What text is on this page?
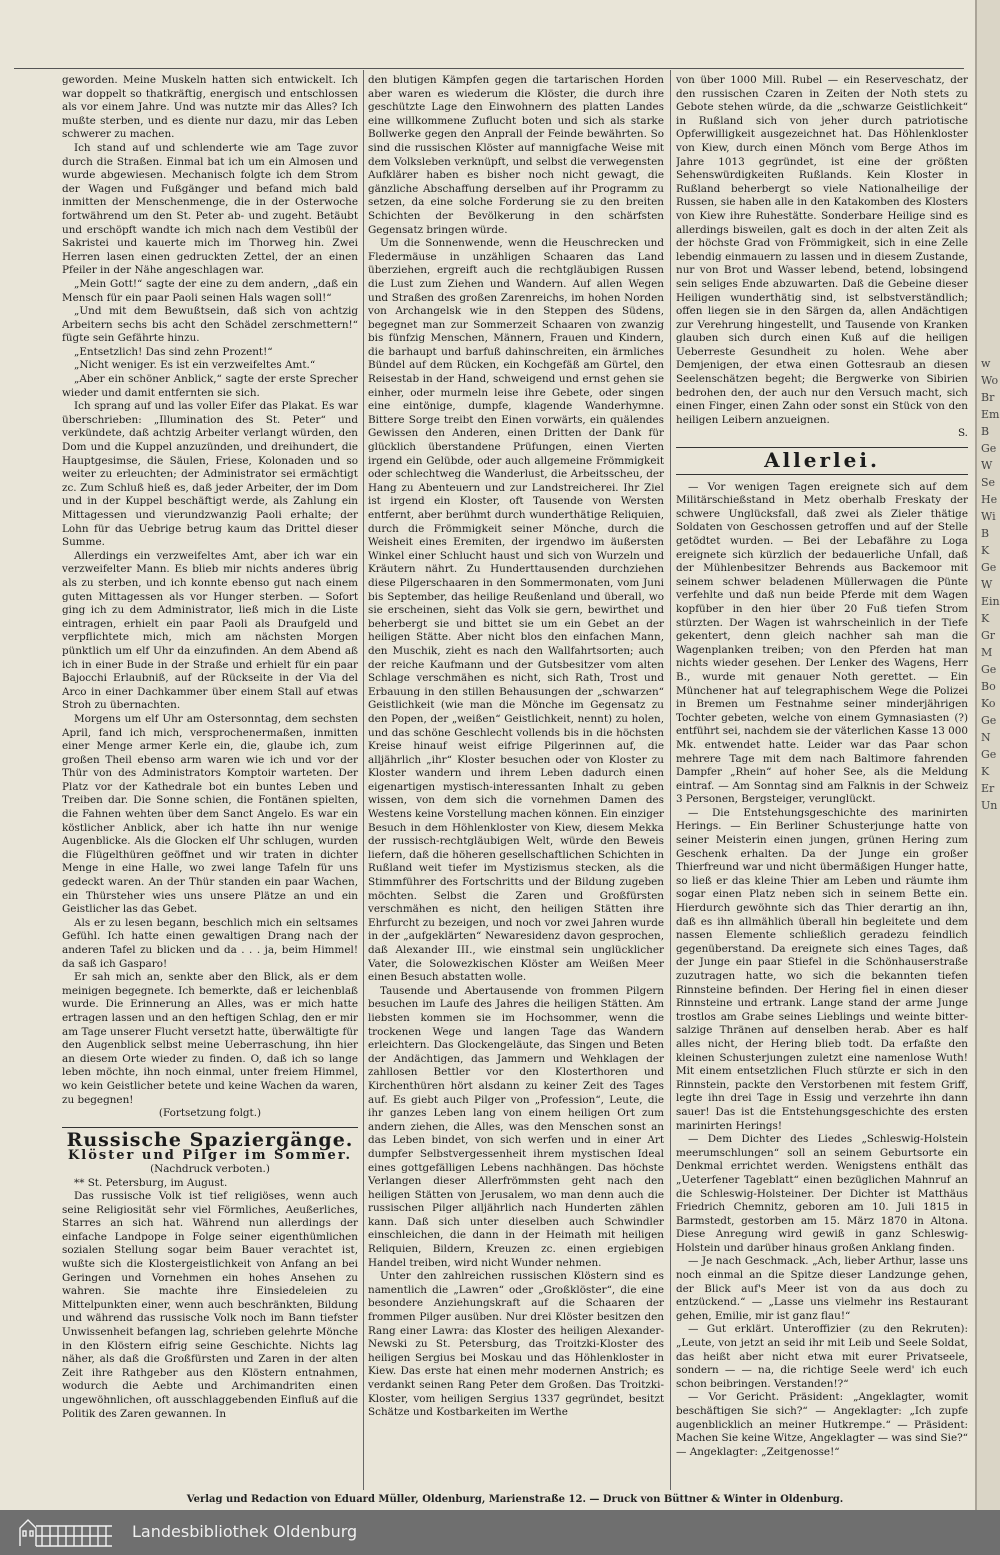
geworden. Meine Muskeln hatten sich entwickelt. Ich war doppelt so thatkräftig, energisch und entschlossen als vor einem Jahre. Und was nutzte mir das Alles? Ich mußte sterben, und es diente nur dazu, mir das Leben schwerer zu machen.

Ich stand auf und schlenderte wie am Tage zuvor durch die Straßen. Einmal bat ich um ein Almosen und wurde abgewiesen. Mechanisch folgte ich dem Strom der Wagen und Fußgänger und befand mich bald inmitten der Menschenmenge, die in der Osterwoche fortwährend um den St. Peter ab- und zugeht. Betäubt und erschöpft wandte ich mich nach dem Vestibül der Sakristei und kauerte mich im Thorweg hin. Zwei Herren lasen einen gedruckten Zettel, der an einen Pfeiler in der Nähe angeschlagen war.

„Mein Gott!“ sagte der eine zu dem andern, „daß ein Mensch für ein paar Paoli seinen Hals wagen soll!“

„Und mit dem Bewußtsein, daß sich von achtzig Arbeitern sechs bis acht den Schädel zerschmettern!“ fügte sein Gefährte hinzu.

„Entsetzlich! Das sind zehn Prozent!“

„Nicht weniger. Es ist ein verzweifeltes Amt.“

„Aber ein schöner Anblick,“ sagte der erste Sprecher wieder und damit entfernten sie sich.

Ich sprang auf und las voller Eifer das Plakat. Es war überschrieben: „Illumination des St. Peter“ und verkündete, daß achtzig Arbeiter verlangt würden, den Dom und die Kuppel anzuzünden, und dreihundert, die Hauptgesimse, die Säulen, Friese, Kolonaden und so weiter zu erleuchten; der Administrator sei ermächtigt zc. Zum Schluß hieß es, daß jeder Arbeiter, der im Dom und in der Kuppel beschäftigt werde, als Zahlung ein Mittagessen und vierundzwanzig Paoli erhalte; der Lohn für das Uebrige betrug kaum das Drittel dieser Summe.

Allerdings ein verzweifeltes Amt, aber ich war ein verzweifelter Mann. Es blieb mir nichts anderes übrig als zu sterben, und ich konnte ebenso gut nach einem guten Mittagessen als vor Hunger sterben. — Sofort ging ich zu dem Administrator, ließ mich in die Liste eintragen, erhielt ein paar Paoli als Draufgeld und verpflichtete mich, mich am nächsten Morgen pünktlich um elf Uhr da einzufinden. An dem Abend aß ich in einer Bude in der Straße und erhielt für ein paar Bajocchi Erlaubniß, auf der Rückseite in der Via del Arco in einer Dachkammer über einem Stall auf etwas Stroh zu übernachten.

Morgens um elf Uhr am Ostersonntag, dem sechsten April, fand ich mich, versprochenermaßen, inmitten einer Menge armer Kerle ein, die, glaube ich, zum großen Theil ebenso arm waren wie ich und vor der Thür von des Administrators Komptoir warteten. Der Platz vor der Kathedrale bot ein buntes Leben und Treiben dar. Die Sonne schien, die Fontänen spielten, die Fahnen wehten über dem Sanct Angelo. Es war ein köstlicher Anblick, aber ich hatte ihn nur wenige Augenblicke. Als die Glocken elf Uhr schlugen, wurden die Flügelthüren geöffnet und wir traten in dichter Menge in eine Halle, wo zwei lange Tafeln für uns gedeckt waren. An der Thür standen ein paar Wachen, ein Thürsteher wies uns unsere Plätze an und ein Geistlicher las das Gebet.

Als er zu lesen begann, beschlich mich ein seltsames Gefühl. Ich hatte einen gewaltigen Drang nach der anderen Tafel zu blicken und da . . . ja, beim Himmel! da saß ich Gasparo!

Er sah mich an, senkte aber den Blick, als er dem meinigen begegnete. Ich bemerkte, daß er leichenblaß wurde. Die Erinnerung an Alles, was er mich hatte ertragen lassen und an den heftigen Schlag, den er mir am Tage unserer Flucht versetzt hatte, überwältigte für den Augenblick selbst meine Ueberraschung, ihn hier an diesem Orte wieder zu finden. O, daß ich so lange leben möchte, ihn noch einmal, unter freiem Himmel, wo kein Geistlicher betete und keine Wachen da waren, zu begegnen!

(Fortsetzung folgt.)

Russische Spaziergänge.
Klöster und Pilger im Sommer.

(Nachdruck verboten.)

** St. Petersburg, im August.

Das russische Volk ist tief religiöses, wenn auch seine Religiosität sehr viel Förmliches, Aeußerliches, Starres an sich hat. Während nun allerdings der einfache Landpope in Folge seiner eigenthümlichen sozialen Stellung sogar beim Bauer verachtet ist, wußte sich die Klostergeistlichkeit von Anfang an bei Geringen und Vornehmen ein hohes Ansehen zu wahren. Sie machte ihre Einsiedeleien zu Mittelpunkten einer, wenn auch beschränkten, Bildung und während das russische Volk noch im Bann tiefster Unwissenheit befangen lag, schrieben gelehrte Mönche in den Klöstern eifrig seine Geschichte. Nichts lag näher, als daß die Großfürsten und Zaren in der alten Zeit ihre Rathgeber aus den Klöstern entnahmen, wodurch die Aebte und Archimandriten einen ungewöhnlichen, oft ausschlaggebenden Einfluß auf die Politik des Zaren gewannen. In

den blutigen Kämpfen gegen die tartarischen Horden aber waren es wiederum die Klöster, die durch ihre geschützte Lage den Einwohnern des platten Landes eine willkommene Zuflucht boten und sich als starke Bollwerke gegen den Anprall der Feinde bewährten. So sind die russischen Klöster auf mannigfache Weise mit dem Volksleben verknüpft, und selbst die verwegensten Aufklärer haben es bisher noch nicht gewagt, die gänzliche Abschaffung derselben auf ihr Programm zu setzen, da eine solche Forderung sie zu den breiten Schichten der Bevölkerung in den schärfsten Gegensatz bringen würde.

Um die Sonnenwende, wenn die Heuschrecken und Fledermäuse in unzähligen Schaaren das Land überziehen, ergreift auch die rechtgläubigen Russen die Lust zum Ziehen und Wandern. Auf allen Wegen und Straßen des großen Zarenreichs, im hohen Norden von Archangelsk wie in den Steppen des Südens, begegnet man zur Sommerzeit Schaaren von zwanzig bis fünfzig Menschen, Männern, Frauen und Kindern, die barhaupt und barfuß dahinschreiten, ein ärmliches Bündel auf dem Rücken, ein Kochgefäß am Gürtel, den Reisestab in der Hand, schweigend und ernst gehen sie einher, oder murmeln leise ihre Gebete, oder singen eine eintönige, dumpfe, klagende Wanderhymne. Bittere Sorge treibt den Einen vorwärts, ein quälendes Gewissen den Anderen, einen Dritten der Dank für glücklich überstandene Prüfungen, einen Vierten irgend ein Gelübde, oder auch allgemeine Frömmigkeit oder schlechtweg die Wanderlust, die Arbeitsscheu, der Hang zu Abenteuern und zur Landstreicherei. Ihr Ziel ist irgend ein Kloster, oft Tausende von Wersten entfernt, aber berühmt durch wunderthätige Reliquien, durch die Frömmigkeit seiner Mönche, durch die Weisheit eines Eremiten, der irgendwo im äußersten Winkel einer Schlucht haust und sich von Wurzeln und Kräutern nährt. Zu Hunderttausenden durchziehen diese Pilgerschaaren in den Sommermonaten, vom Juni bis September, das heilige Reußenland und überall, wo sie erscheinen, sieht das Volk sie gern, bewirthet und beherbergt sie und bittet sie um ein Gebet an der heiligen Stätte. Aber nicht blos den einfachen Mann, den Muschik, zieht es nach den Wallfahrtsorten; auch der reiche Kaufmann und der Gutsbesitzer vom alten Schlage verschmähen es nicht, sich Rath, Trost und Erbauung in den stillen Behausungen der „schwarzen“ Geistlichkeit (wie man die Mönche im Gegensatz zu den Popen, der „weißen“ Geistlichkeit, nennt) zu holen, und das schöne Geschlecht vollends bis in die höchsten Kreise hinauf weist eifrige Pilgerinnen auf, die alljährlich „ihr“ Kloster besuchen oder von Kloster zu Kloster wandern und ihrem Leben dadurch einen eigenartigen mystisch-interessanten Inhalt zu geben wissen, von dem sich die vornehmen Damen des Westens keine Vorstellung machen können. Ein einziger Besuch in dem Höhlenkloster von Kiew, diesem Mekka der russisch-rechtgläubigen Welt, würde den Beweis liefern, daß die höheren gesellschaftlichen Schichten in Rußland weit tiefer im Mystizismus stecken, als die Stimmführer des Fortschritts und der Bildung zugeben möchten. Selbst die Zaren und Großfürsten verschmähen es nicht, den heiligen Stätten ihre Ehrfurcht zu bezeigen, und noch vor zwei Jahren wurde in der „aufgeklärten“ Newaresidenz davon gesprochen, daß Alexander III., wie einstmal sein unglücklicher Vater, die Solowezkischen Klöster am Weißen Meer einen Besuch abstatten wolle.

Tausende und Abertausende von frommen Pilgern besuchen im Laufe des Jahres die heiligen Stätten. Am liebsten kommen sie im Hochsommer, wenn die trockenen Wege und langen Tage das Wandern erleichtern. Das Glockengeläute, das Singen und Beten der Andächtigen, das Jammern und Wehklagen der zahllosen Bettler vor den Klosterthoren und Kirchenthüren hört alsdann zu keiner Zeit des Tages auf. Es giebt auch Pilger von „Profession“, Leute, die ihr ganzes Leben lang von einem heiligen Ort zum andern ziehen, die Alles, was den Menschen sonst an das Leben bindet, von sich werfen und in einer Art dumpfer Selbstvergessenheit ihrem mystischen Ideal eines gottgefälligen Lebens nachhängen. Das höchste Verlangen dieser Allerfrömmsten geht nach den heiligen Stätten von Jerusalem, wo man denn auch die russischen Pilger alljährlich nach Hunderten zählen kann. Daß sich unter dieselben auch Schwindler einschleichen, die dann in der Heimath mit heiligen Reliquien, Bildern, Kreuzen zc. einen ergiebigen Handel treiben, wird nicht Wunder nehmen.

Unter den zahlreichen russischen Klöstern sind es namentlich die „Lawren“ oder „Großklöster“, die eine besondere Anziehungskraft auf die Schaaren der frommen Pilger ausüben. Nur drei Klöster besitzen den Rang einer Lawra: das Kloster des heiligen Alexander-Newski zu St. Petersburg, das Troitzki-Kloster des heiligen Sergius bei Moskau und das Höhlenkloster in Kiew. Das erste hat einen mehr modernen Anstrich; es verdankt seinen Rang Peter dem Großen. Das Troitzki-Kloster, vom heiligen Sergius 1337 gegründet, besitzt Schätze und Kostbarkeiten im Werthe

von über 1000 Mill. Rubel — ein Reserveschatz, der den russischen Czaren in Zeiten der Noth stets zu Gebote stehen würde, da die „schwarze Geistlichkeit“ in Rußland sich von jeher durch patriotische Opferwilligkeit ausgezeichnet hat. Das Höhlenkloster von Kiew, durch einen Mönch vom Berge Athos im Jahre 1013 gegründet, ist eine der größten Sehenswürdigkeiten Rußlands. Kein Kloster in Rußland beherbergt so viele Nationalheilige der Russen, sie haben alle in den Katakomben des Klosters von Kiew ihre Ruhestätte. Sonderbare Heilige sind es allerdings bisweilen, galt es doch in der alten Zeit als der höchste Grad von Frömmigkeit, sich in eine Zelle lebendig einmauern zu lassen und in diesem Zustande, nur von Brot und Wasser lebend, betend, lobsingend sein seliges Ende abzuwarten. Daß die Gebeine dieser Heiligen wunderthätig sind, ist selbstverständlich; offen liegen sie in den Särgen da, allen Andächtigen zur Verehrung hingestellt, und Tausende von Kranken glauben sich durch einen Kuß auf die heiligen Ueberreste Gesundheit zu holen. Wehe aber Demjenigen, der etwa einen Gottesraub an diesen Seelenschätzen begeht; die Bergwerke von Sibirien bedrohen den, der auch nur den Versuch macht, sich einen Finger, einen Zahn oder sonst ein Stück von den heiligen Leibern anzueignen.

S.

Allerlei.

— Vor wenigen Tagen ereignete sich auf dem Militärschießstand in Metz oberhalb Freskaty der schwere Unglücksfall, daß zwei als Zieler thätige Soldaten von Geschossen getroffen und auf der Stelle getödtet wurden. — Bei der Lebafähre zu Loga ereignete sich kürzlich der bedauerliche Unfall, daß der Mühlenbesitzer Behrends aus Backemoor mit seinem schwer beladenen Müllerwagen die Pünte verfehlte und daß nun beide Pferde mit dem Wagen kopfüber in den hier über 20 Fuß tiefen Strom stürzten. Der Wagen ist wahrscheinlich in der Tiefe gekentert, denn gleich nachher sah man die Wagenplanken treiben; von den Pferden hat man nichts wieder gesehen. Der Lenker des Wagens, Herr B., wurde mit genauer Noth gerettet. — Ein Münchener hat auf telegraphischem Wege die Polizei in Bremen um Festnahme seiner minderjährigen Tochter gebeten, welche von einem Gymnasiasten (?) entführt sei, nachdem sie der väterlichen Kasse 13 000 Mk. entwendet hatte. Leider war das Paar schon mehrere Tage mit dem nach Baltimore fahrenden Dampfer „Rhein“ auf hoher See, als die Meldung eintraf. — Am Sonntag sind am Falknis in der Schweiz 3 Personen, Bergsteiger, verunglückt.

— Die Entstehungsgeschichte des marinirten Herings. — Ein Berliner Schusterjunge hatte von seiner Meisterin einen jungen, grünen Hering zum Geschenk erhalten. Da der Junge ein großer Thierfreund war und nicht übermäßigen Hunger hatte, so ließ er das kleine Thier am Leben und räumte ihm sogar einen Platz neben sich in seinem Bette ein. Hierdurch gewöhnte sich das Thier derartig an ihn, daß es ihn allmählich überall hin begleitete und dem nassen Elemente schließlich geradezu feindlich gegenüberstand. Da ereignete sich eines Tages, daß der Junge ein paar Stiefel in die Schönhauserstraße zuzutragen hatte, wo sich die bekannten tiefen Rinnsteine befinden. Der Hering fiel in einen dieser Rinnsteine und ertrank. Lange stand der arme Junge trostlos am Grabe seines Lieblings und weinte bitter-salzige Thränen auf denselben herab. Aber es half alles nicht, der Hering blieb todt. Da erfaßte den kleinen Schusterjungen zuletzt eine namenlose Wuth! Mit einem entsetzlichen Fluch stürzte er sich in den Rinnstein, packte den Verstorbenen mit festem Griff, legte ihn drei Tage in Essig und verzehrte ihn dann sauer! Das ist die Entstehungsgeschichte des ersten marinirten Herings!

— Dem Dichter des Liedes „Schleswig-Holstein meerumschlungen“ soll an seinem Geburtsorte ein Denkmal errichtet werden. Wenigstens enthält das „Ueterfener Tageblatt“ einen bezüglichen Mahnruf an die Schleswig-Holsteiner. Der Dichter ist Matthäus Friedrich Chemnitz, geboren am 10. Juli 1815 in Barmstedt, gestorben am 15. März 1870 in Altona. Diese Anregung wird gewiß in ganz Schleswig-Holstein und darüber hinaus großen Anklang finden.

— Je nach Geschmack. „Ach, lieber Arthur, lasse uns noch einmal an die Spitze dieser Landzunge gehen, der Blick auf's Meer ist von da aus doch zu entzückend.“ — „Lasse uns vielmehr ins Restaurant gehen, Emilie, mir ist ganz flau!“

— Gut erklärt. Unteroffizier (zu den Rekruten): „Leute, von jetzt an seid ihr mit Leib und Seele Soldat, das heißt aber nicht etwa mit eurer Privatseele, sondern — — na, die richtige Seele werd' ich euch schon beibringen. Verstanden!?“

— Vor Gericht. Präsident: „Angeklagter, womit beschäftigen Sie sich?“ — Angeklagter: „Ich zupfe augenblicklich an meiner Hutkrempe.“ — Präsident: Machen Sie keine Witze, Angeklagter — was sind Sie?“ — Angeklagter: „Zeitgenosse!“

Verlag und Redaction von Eduard Müller, Oldenburg, Marienstraße 12. — Druck von Büttner & Winter in Oldenburg.
w
Wo
Br
Em
B
Ge
W
Se
He
Wi
B
K
Ge
W
Ein
K
Gr
M
Ge
Bo
Ko
Ge
N
Ge
K
Er
Un
Landesbibliothek Oldenburg
